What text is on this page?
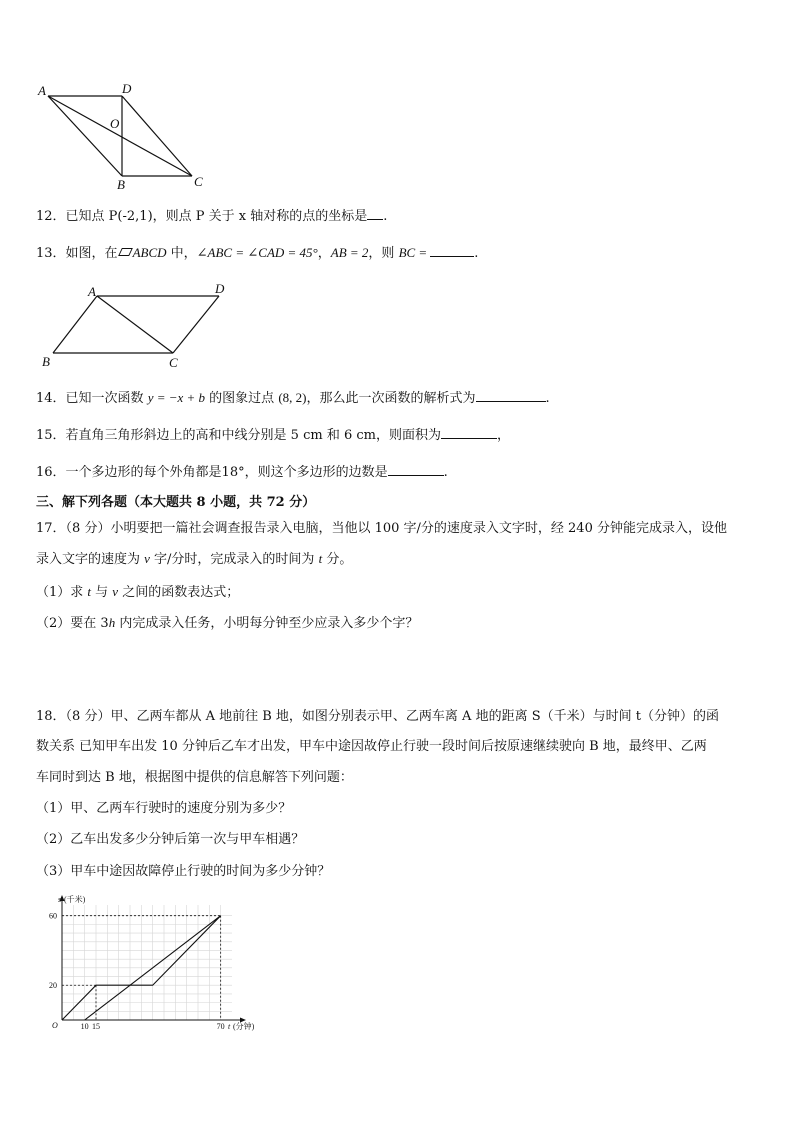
A	D
O
B	C
12．已知点 P(-2,1)，则点 P 关于 x 轴对称的点的坐标是 .
13．如图，在 ABCD 中，∠ABC = ∠CAD = 45°，AB = 2，则 BC =	.
A	D
B	C
14．已知一次函数 y = −x + b 的图象过点 (8, 2)，那么此一次函数的解析式为	.
15．若直角三角形斜边上的高和中线分别是 5 cm 和 6 cm，则面积为	，
16．一个多边形的每个外角都是18°，则这个多边形的边数是	.
三、解下列各题（本大题共 8 小题，共 72 分）
17．（8 分）小明要把一篇社会调查报告录入电脑，当他以 100 字/分的速度录入文字时，经 240 分钟能完成录入，设他
录入文字的速度为 v 字/分时，完成录入的时间为 t 分。
（1）求 t 与 v 之间的函数表达式；
（2）要在 3h 内完成录入任务，小明每分钟至少应录入多少个字？
18．（8 分）甲、乙两车都从 A 地前往 B 地，如图分别表示甲、乙两车离 A 地的距离 S（千米）与时间 t（分钟）的函
数关系 已知甲车出发 10 分钟后乙车才出发，甲车中途因故停止行驶一段时间后按原速继续驶向 B 地，最终甲、乙两
车同时到达 B 地，根据图中提供的信息解答下列问题：
（1）甲、乙两车行驶时的速度分别为多少？
（2）乙车出发多少分钟后第一次与甲车相遇？
（3）甲车中途因故障停止行驶的时间为多少分钟？
10 15	70
20
60
O
s (千米)
t (分钟)
